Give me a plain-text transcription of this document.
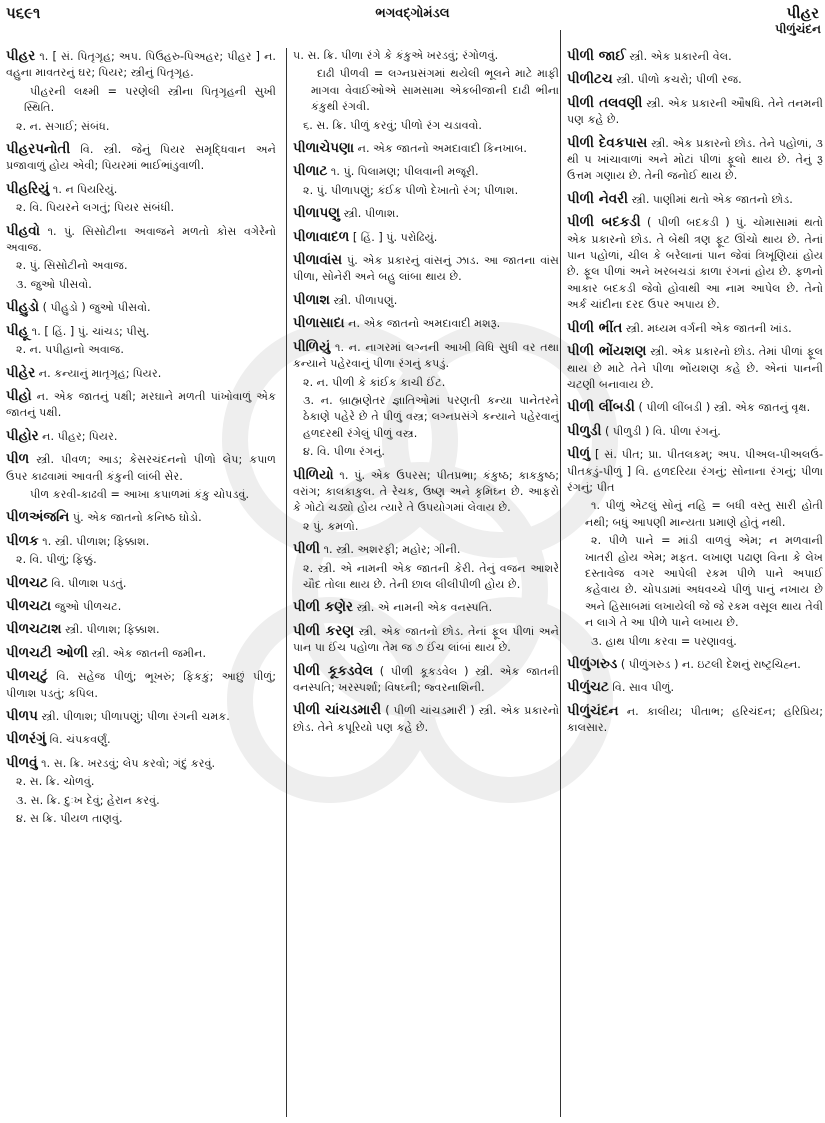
પ૬૯૧	ભગવદ્ગોમંડલ	પીહર
પીળુંચંદન
પીહર ૧. [ સં. પિતૃગૃહ; અપ. પિઉહરુ-પિઅહર; પીહર ] ન. વહુના માવતરનું ઘર; પિયર; સ્ત્રીનું પિતૃગૃહ.
પીહરની લક્ષ્મી = પરણેલી સ્ત્રીના પિતૃગૃહની સુખી સ્થિતિ.
૨. ન. સગાઈ; સંબંધ.
પીહરપનોતી વિ. સ્ત્રી. જેનું પિયર સમૃદ્ધિવાન અને પ્રજાવાળું હોય એવી; પિયરમાં ભાઈભાંડુવાળી.
પીહરિયું ૧. ન પિયરિયું.
૨. વિ. પિયરને લગતું; પિયર સંબંધી.
પીહવો ૧. પું. સિસોટીના અવાજને મળતો કોસ વગેરેનો અવાજ.
૨. પું. સિસોટીનો અવાજ.
૩. જુઓ પીસવો.
પીહુડો ( પીહુડો ) જુઓ પીસવો.
પીહૂ ૧. [ હિં. ] પું. ચાંચડ; પીસુ.
૨. ન. પપીહાનો અવાજ.
પીહેર ન. કન્યાનું માતૃગૃહ; પિયર.
પીહો ન. એક જાતનું પક્ષી; મરઘાને મળતી પાંખોવાળું એક જાતનું પક્ષી.
પીહોર ન. પીહર; પિયર.
પીળ સ્ત્રી. પીવળ; આડ; કેસરચંદનનો પીળો લેપ; કપાળ ઉપર કાઢવામાં આવતી કંકુની લાંબી સેર.
પીળ કરવી-કાઢવી = આખા કપાળમાં કંકુ ચોપડવું.
પીળઅંજનિ પું. એક જાતનો કનિષ્ઠ ઘોડો.
પીળક ૧. સ્ત્રી. પીળાશ; ફિક્કાશ.
૨. વિ. પીળું; ફિક્કું.
પીળચટ વિ. પીળાશ પડતું.
પીળચટા જુઓ પીળચટ.
પીળચટાશ સ્ત્રી. પીળાશ; ફિક્કાશ.
પીળચટી ઓળી સ્ત્રી. એક જાતની જમીન.
પીળચટું વિ. સહેજ પીળું; ભૂખરું; ફિકકું; આછું પીળું; પીળાશ પડતું; કપિલ.
પીળપ સ્ત્રી. પીળાશ; પીળાપણું; પીળા રંગની ચમક.
પીળરંગું વિ. ચંપકવર્ણું.
પીળવું ૧. સ. ક્રિ. ખરડવું; લેપ કરવો; ગંદું કરવું.
૨. સ. ક્રિ. ચોળવું.
૩. સ. ક્રિ. દુઃખ દેવું; હેરાન કરવું.
૪. સ ક્રિ. પીયળ તાણવું.
૫. સ. ક્રિ. પીળા રંગે કે કંકુએ ખરડવું; રંગોળવું.
દાઢી પીળવી = લગ્નપ્રસંગમાં થયેલી ભૂલને માટે માફી માગવા વેવાઈઓએ સામસામા એકબીજાની દાઢી ભીના કંકુથી રંગવી.
૬. સ. ક્રિ. પીળું કરવું; પીળો રંગ ચડાવવો.
પીળાચેપણા ન. એક જાતનો અમદાવાદી કિનખાબ.
પીળાટ ૧. પું. પિલામણ; પીલવાની મજૂરી.
૨. પું. પીળાપણું; કંઈક પીળો દેખાતો રંગ; પીળાશ.
પીળાપણુ સ્ત્રી. પીળાશ.
પીળાવાદળ [ હિં. ] પું. પરોઢિયું.
પીળાવાંસ પું. એક પ્રકારનું વાંસનું ઝાડ. આ જાતના વાંસ પીળા, સોનેરી અને બહુ લાંબા થાય છે.
પીળાશ સ્ત્રી. પીળાપણું.
પીળાસાદા ન. એક જાતનો અમદાવાદી મશરૂ.
પીળિયું ૧. ન. નાગરમાં લગ્નની આખી વિધિ સુધી વર તથા કન્યાને પહેરવાનું પીળા રંગનું કપડું.
૨. ન. પીળી કે કાંઈક કાચી ઈંટ.
૩. ન. બ્રાહ્મણેતર જ્ઞાતિઓમાં પરણતી કન્યા પાનેતરને ઠેકાણે પહેરે છે તે પીળું વસ્ત્ર; લગ્નપ્રસંગે કન્યાને પહેરવાનું હળદરથી રંગેલું પીળું વસ્ત્ર.
૪. વિ. પીળા રંગનું.
પીળિયો ૧. પું. એક ઉપરસ; પીતપ્રભા; કંકુષ્ઠ; કાકકુષ્ઠ; વરાંગ; કાલકાકુલ. તે રેચક, ઉષ્ણ અને કૃમિઘ્ન છે. આફરો કે ગોટો ચડ્યો હોય ત્યારે તે ઉપયોગમાં લેવાય છે.
૨ પું. કમળો.
પીળી ૧. સ્ત્રી. અશરફી; મહોર; ગીની.
૨. સ્ત્રી. એ નામની એક જાતની કેરી. તેનું વજન આશરે ચૌદ તોલા થાય છે. તેની છાલ લીલીપીળી હોય છે.
પીળી કણેર સ્ત્રી. એ નામની એક વનસ્પતિ.
પીળી કરણ સ્ત્રી. એક જાતનો છોડ. તેનાં ફૂલ પીળાં અને પાન પા ઈંચ પહોળા તેમ જ ૭ ઈંચ લાંબાં થાય છે.
પીળી કૂકડવેલ ( પીળી કૂકડવેલ ) સ્ત્રી. એક જાતની વનસ્પતિ; ખરસ્પર્શા; વિષઘ્ની; જ્વરનાશિની.
પીળી ચાંચડમારી ( પીળી ચાંચડમારી ) સ્ત્રી. એક પ્રકારનો છોડ. તેને કપૂરિયો પણ કહે છે.
પીળી જાઈ સ્ત્રી. એક પ્રકારની વેલ.
પીળીટચ સ્ત્રી. પીળો કચરો; પીળી રજ.
પીળી તલવણી સ્ત્રી. એક પ્રકારની ઔષધિ. તેને તનમની પણ કહે છે.
પીળી દેવકપાસ સ્ત્રી. એક પ્રકારનો છોડ. તેને પહોળાં, ૩ થી ૫ ખાંચાવાળાં અને મોટાં પીળાં ફૂલો થાય છે. તેનું રૂ ઉત્તમ ગણાય છે. તેની જનોઈ થાય છે.
પીળી નેવરી સ્ત્રી. પાણીમાં થતો એક જાતનો છોડ.
પીળી બદકડી ( પીળી બદકડી ) પું. ચોમાસામાં થતો એક પ્રકારનો છોડ. તે બેથી ત્રણ ફૂટ ઊંચો થાય છે. તેનાં પાન પહોળાં, ચીલ કે બરેલાનાં પાન જેવાં ત્રિખૂણિયાં હોય છે. ફૂલ પીળાં અને ખરબચડાં કાળા રંગનાં હોય છે. ફળનો આકાર બદકડી જેવો હોવાથી આ નામ આપેલ છે. તેનો અર્ક ચાંદીના દરદ ઉપર અપાય છે.
પીળી ભીંત સ્ત્રી. મધ્યમ વર્ગની એક જાતની ખાંડ.
પીળી ભોંયશણ સ્ત્રી. એક પ્રકારનો છોડ. તેમાં પીળાં ફૂલ થાય છે માટે તેને પીળા ભોંયશણ કહે છે. એનાં પાનની ચટણી બનાવાય છે.
પીળી લીંબડી ( પીળી લીંબડી ) સ્ત્રી. એક જાતનું વૃક્ષ.
પીળુડી ( પીળુડી ) વિ. પીળા રંગનું.
પીળું [ સં. પીત; પ્રા. પીતલકમ્; અપ. પીઅલ-પીઅલઉં-પીતકડું-પીળું ] વિ. હળદરિયા રંગનું; સોનાના રંગનું; પીળા રંગનું; પીત
૧. પીળું એટલું સોનું નહિ = બધી વસ્તુ સારી હોતી નથી; બધું આપણી માન્યતા પ્રમાણે હોતું નથી.
૨. પીળે પાને = માંડી વાળવું એમ; ન મળવાની ખાતરી હોય એમ; મફત. લખાણ પઢાણ વિના કે લેખ દસ્તાવેજ વગર આપેલી રકમ પીળે પાને અપાઈ કહેવાય છે. ચોપડામાં અધવચ્ચે પીળું પાનું નખાય છે અને હિસાબમાં લખાયેલી જે જે રકમ વસૂલ થાય તેવી ન લાગે તે આ પીળે પાને લખાય છે.
૩. હાથ પીળા કરવા = પરણાવવું.
પીળુંગરુડ ( પીળુંગરુડ ) ન. ઇટલી દેશનું રાષ્ટ્રચિહ્ન.
પીળુંચટ વિ. સાવ પીળું.
પીળુંચંદન ન. કાલીય; પીતાભ; હરિચંદન; હરિપ્રિય; કાલસાર.
